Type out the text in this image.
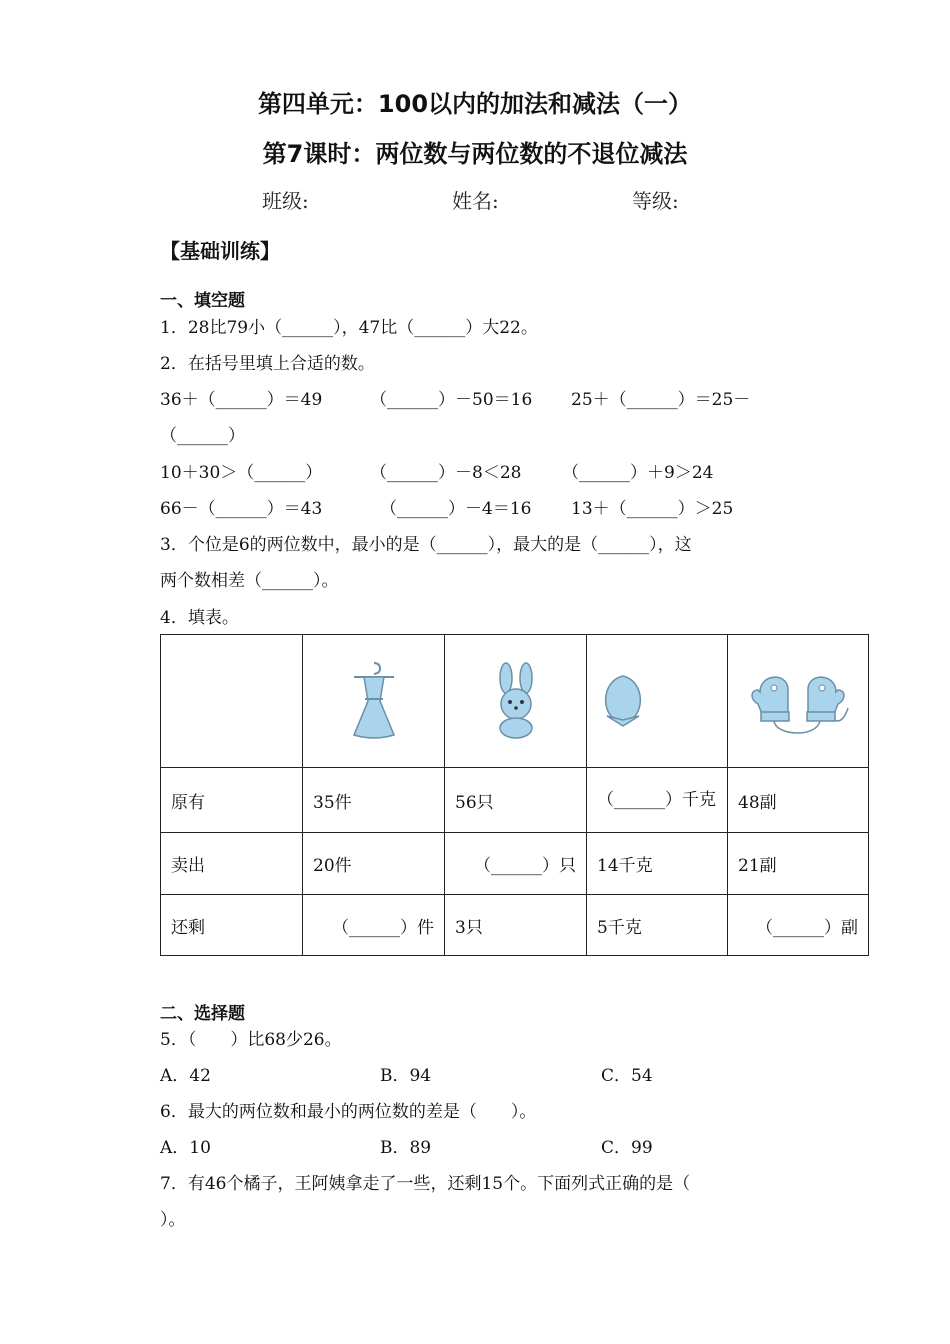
第四单元：100以内的加法和减法（一）
第7课时：两位数与两位数的不退位减法
班级:	姓名:	等级:
【基础训练】
一、填空题
1．28比79小（______），47比（______）大22。
2．在括号里填上合适的数。
36＋（______）＝49	（______）－50＝16 25＋（______）＝25－
（______）
10＋30＞（______）	（______）－8＜28 （______）＋9＞24
66－（______）＝43	（______）－4＝16 13＋（______）＞25
3．个位是6的两位数中，最小的是（______），最大的是（______），这
两个数相差（______）。
4．填表。

原有	35件	56只	（______）千克	48副
卖出	20件	（______）只	14千克	21副
还剩	（______）件	3只	5千克	（______）副
二、选择题
5．（　　）比68少26。
A．42	B．94	C．54
6．最大的两位数和最小的两位数的差是（　　）。
A．10	B．89	C．99
7．有46个橘子，王阿姨拿走了一些，还剩15个。下面列式正确的是（
）。
